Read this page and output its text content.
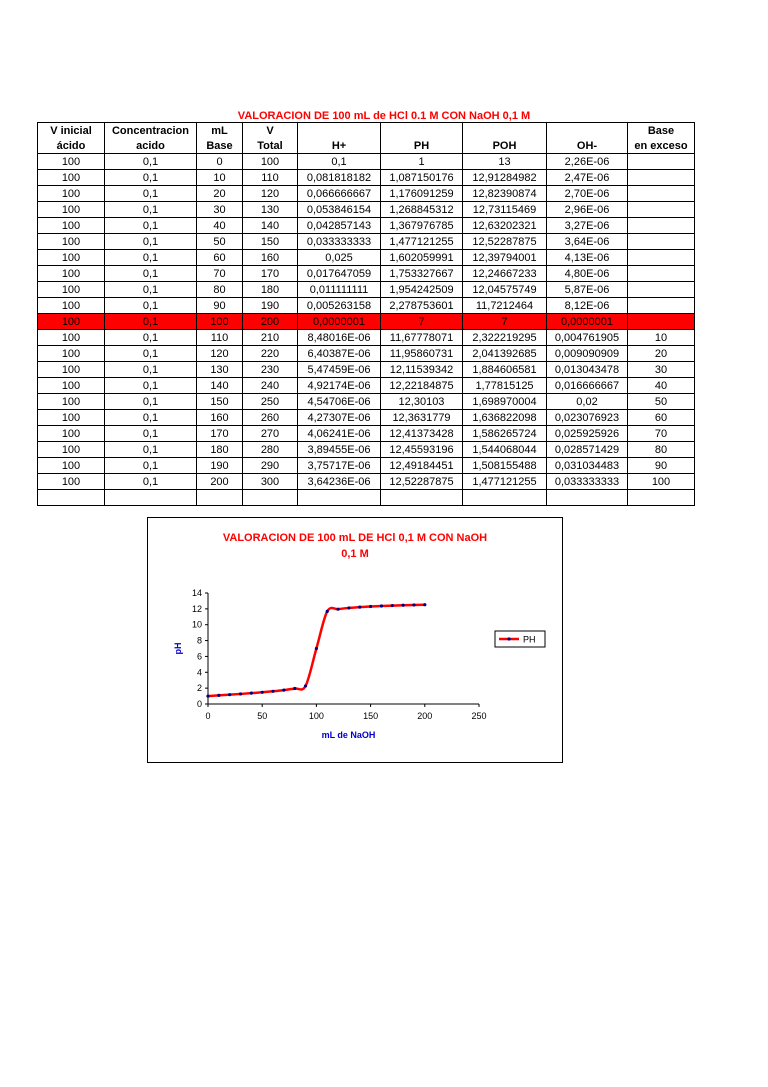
VALORACION DE 100 mL de HCl 0.1 M CON NaOH 0,1 M
V inicial	Concentracion	mL	V					Base
ácido	acido	Base	Total	H+	PH	POH	OH-	en exceso
100	0,1	0	100	0,1	1	13	2,26E-06	
100	0,1	10	110	0,081818182	1,087150176	12,91284982	2,47E-06	
100	0,1	20	120	0,066666667	1,176091259	12,82390874	2,70E-06	
100	0,1	30	130	0,053846154	1,268845312	12,73115469	2,96E-06	
100	0,1	40	140	0,042857143	1,367976785	12,63202321	3,27E-06	
100	0,1	50	150	0,033333333	1,477121255	12,52287875	3,64E-06	
100	0,1	60	160	0,025	1,602059991	12,39794001	4,13E-06	
100	0,1	70	170	0,017647059	1,753327667	12,24667233	4,80E-06	
100	0,1	80	180	0,011111111	1,954242509	12,04575749	5,87E-06	
100	0,1	90	190	0,005263158	2,278753601	11,7212464	8,12E-06	
100	0,1	100	200	0,0000001	7	7	0,0000001	
100	0,1	110	210	8,48016E-06	11,67778071	2,322219295	0,004761905	10
100	0,1	120	220	6,40387E-06	11,95860731	2,041392685	0,009090909	20
100	0,1	130	230	5,47459E-06	12,11539342	1,884606581	0,013043478	30
100	0,1	140	240	4,92174E-06	12,22184875	1,77815125	0,016666667	40
100	0,1	150	250	4,54706E-06	12,30103	1,698970004	0,02	50
100	0,1	160	260	4,27307E-06	12,3631779	1,636822098	0,023076923	60
100	0,1	170	270	4,06241E-06	12,41373428	1,586265724	0,025925926	70
100	0,1	180	280	3,89455E-06	12,45593196	1,544068044	0,028571429	80
100	0,1	190	290	3,75717E-06	12,49184451	1,508155488	0,031034483	90
100	0,1	200	300	3,64236E-06	12,52287875	1,477121255	0,033333333	100

VALORACION DE 100 mL DE HCl 0,1 M CON NaOH
0,1 M
0
2
4
6
8
10
12
14
0	50	100	150	200	250
mL de NaOH
pH
PH
